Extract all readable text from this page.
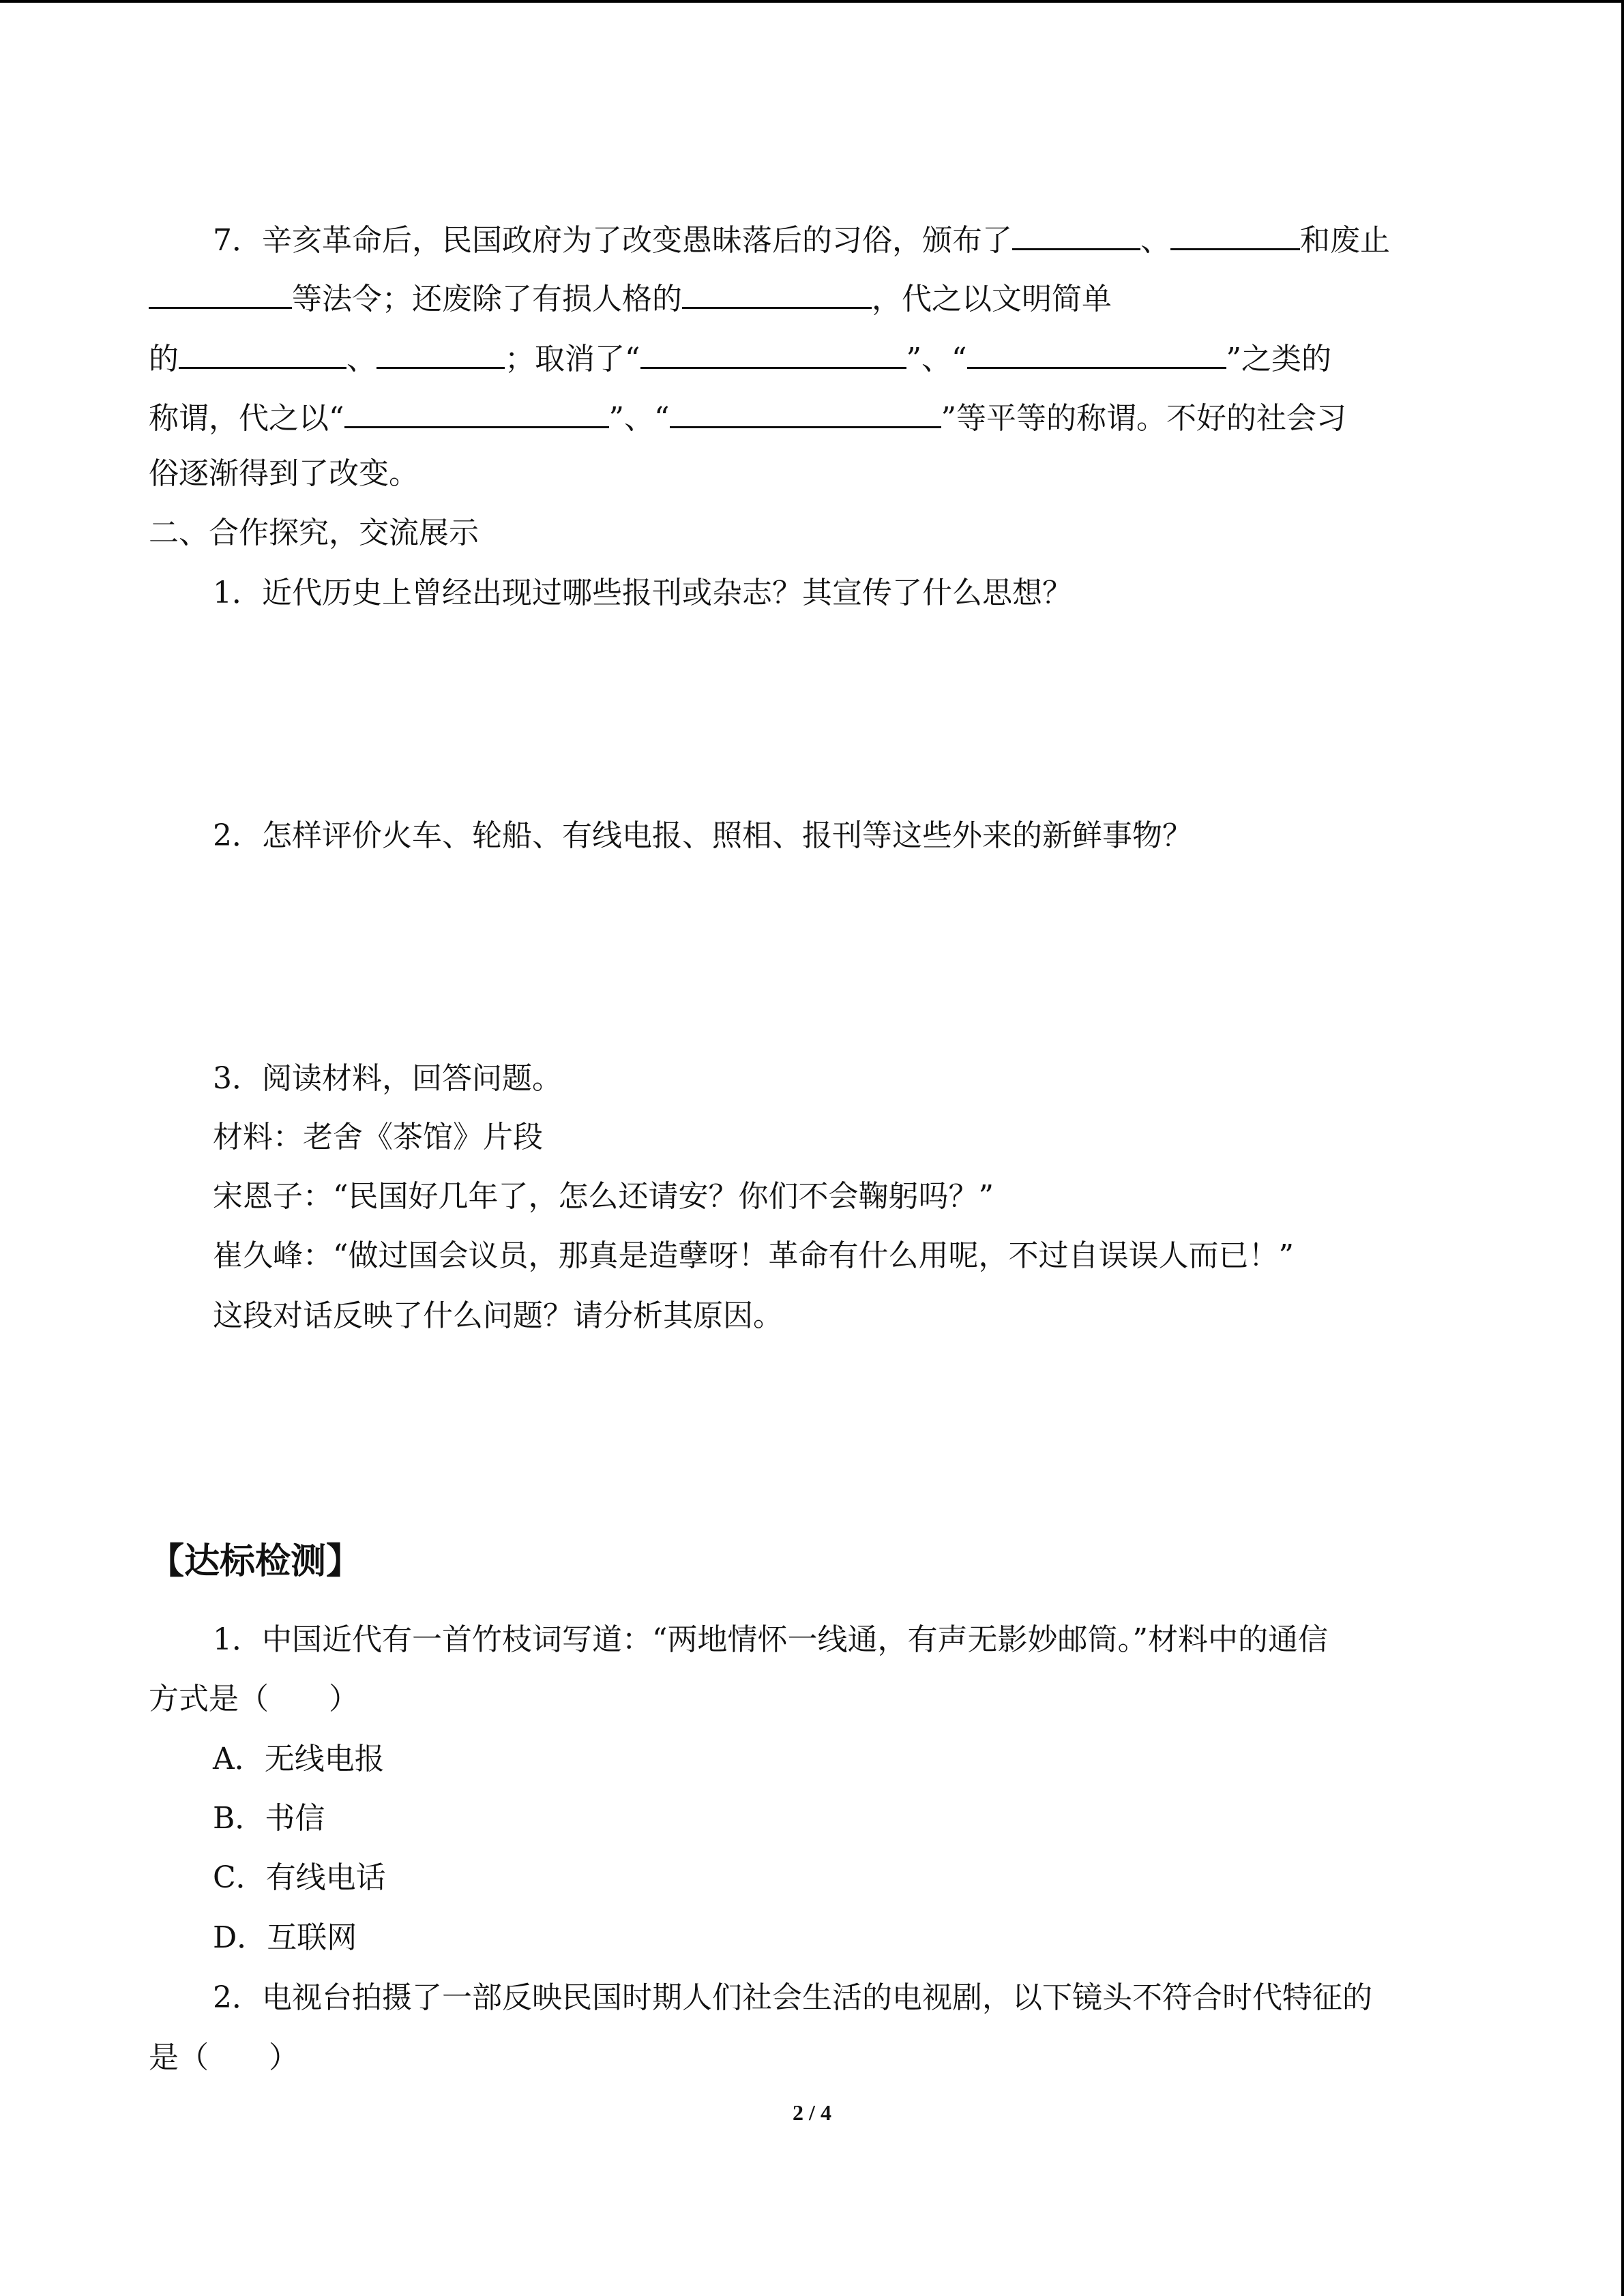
7．辛亥革命后，民国政府为了改变愚昧落后的习俗，颁布了	、	和废止
等法令；还废除了有损人格的	，代之以文明简单
的	、	；取消了“	”、“	”之类的
称谓，代之以“	”、“	”等平等的称谓。不好的社会习
俗逐渐得到了改变。
二、合作探究，交流展示
1．近代历史上曾经出现过哪些报刊或杂志？其宣传了什么思想？
2．怎样评价火车、轮船、有线电报、照相、报刊等这些外来的新鲜事物？
3．阅读材料，回答问题。
材料：老舍《茶馆》片段
宋恩子：“民国好几年了，怎么还请安？你们不会鞠躬吗？”
崔久峰：“做过国会议员，那真是造孽呀！革命有什么用呢，不过自误误人而已！”
这段对话反映了什么问题？请分析其原因。
【达标检测】
1．中国近代有一首竹枝词写道：“两地情怀一线通，有声无影妙邮筒。”材料中的通信
方式是（　　）
A．无线电报
B．书信
C．有线电话
D．互联网
2．电视台拍摄了一部反映民国时期人们社会生活的电视剧，以下镜头不符合时代特征的
是（　　）
2 / 4
